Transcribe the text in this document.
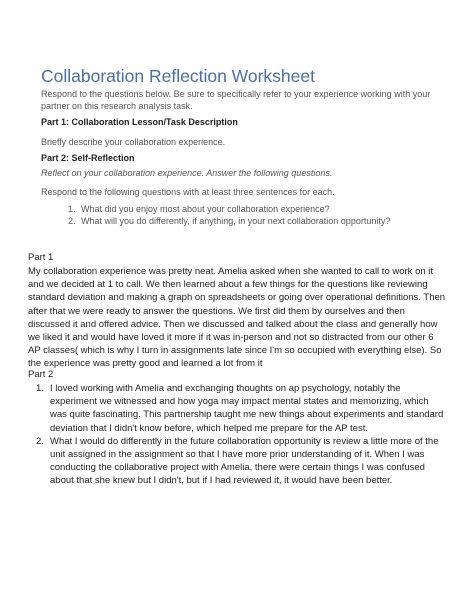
Collaboration Reflection Worksheet
Respond to the questions below. Be sure to specifically refer to your experience working with your partner on this research analysis task.
Part 1: Collaboration Lesson/Task Description
Briefly describe your collaboration experience.
Part 2: Self-Reflection
Reflect on your collaboration experience. Answer the following questions.
Respond to the following questions with at least three sentences for each.
1. What did you enjoy most about your collaboration experience?
2. What will you do differently, if anything, in your next collaboration opportunity?
Part 1

My collaboration experience was pretty neat. Amelia asked when she wanted to call to work on it and we decided at 1 to call. We then learned about a few things for the questions like reviewing standard deviation and making a graph on spreadsheets or going over operational definitions. Then after that we were ready to answer the questions. We first did them by ourselves and then discussed it and offered advice. Then we discussed and talked about the class and generally how we liked it and would have loved it more if it was in-person and not so distracted from our other 6 AP classes( which is why I turn in assignments late since I'm so occupied with everything else). So the experience was pretty good and learned a lot from it

Part 2
1. I loved working with Amelia and exchanging thoughts on ap psychology, notably the experiment we witnessed and how yoga may impact mental states and memorizing, which was quite fascinating. This partnership taught me new things about experiments and standard deviation that I didn't know before, which helped me prepare for the AP test.
2. What I would do differently in the future collaboration opportunity is review a little more of the unit assigned in the assignment so that I have more prior understanding of it. When I was conducting the collaborative project with Amelia, there were certain things I was confused about that she knew but I didn't, but if I had reviewed it, it would have been better.
